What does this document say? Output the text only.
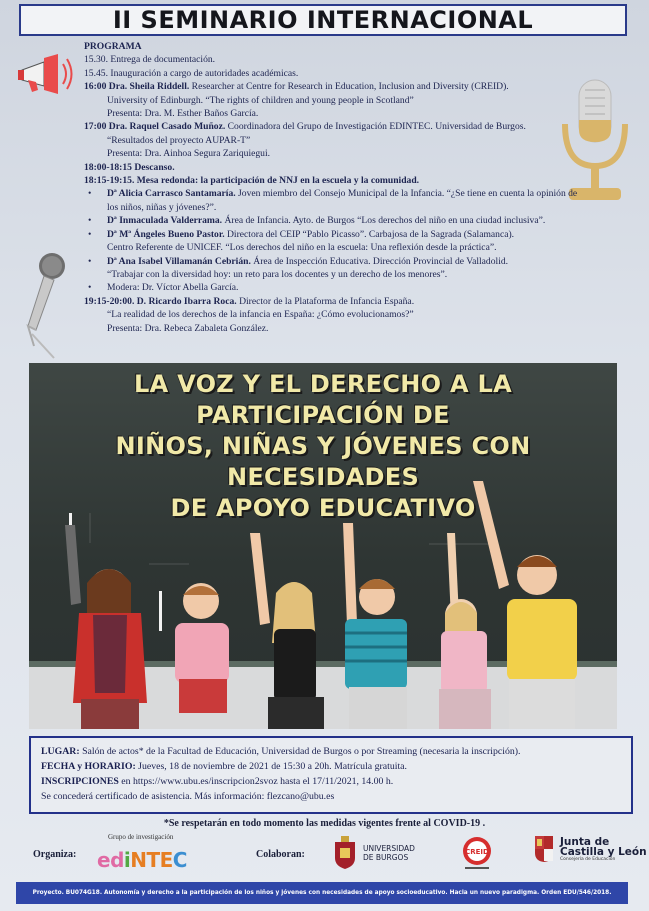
II SEMINARIO INTERNACIONAL
PROGRAMA
15.30. Entrega de documentación.
15.45. Inauguración a cargo de autoridades académicas.
16:00 Dra. Sheila Riddell. Researcher at Centre for Research in Education, Inclusion and Diversity (CREID).
University of Edinburgh. “The rights of children and young people in Scotland”
Presenta: Dra. M. Esther Baños García.
17:00 Dra. Raquel Casado Muñoz. Coordinadora del Grupo de Investigación EDINTEC. Universidad de Burgos.
“Resultados del proyecto AUPAR-T”
Presenta: Dra. Ainhoa Segura Zariquiegui.
18:00-18:15 Descanso.
18:15-19:15. Mesa redonda: la participación de NNJ en la escuela y la comunidad.
• Dª Alicia Carrasco Santamaría. Joven miembro del Consejo Municipal de la Infancia. “¿Se tiene en cuenta la opinión de
los niños, niñas y jóvenes?”.
• Dª Inmaculada Valderrama. Área de Infancia. Ayto. de Burgos “Los derechos del niño en una ciudad inclusiva”.
• Dª Mª Ángeles Bueno Pastor. Directora del CEIP “Pablo Picasso”. Carbajosa de la Sagrada (Salamanca).
Centro Referente de UNICEF. “Los derechos del niño en la escuela: Una reflexión desde la práctica”.
• Dª Ana Isabel Villamanán Cebrián. Área de Inspección Educativa. Dirección Provincial de Valladolid.
“Trabajar con la diversidad hoy: un reto para los docentes y un derecho de los menores”.
• Modera: Dr. Víctor Abella García.
19:15-20:00. D. Ricardo Ibarra Roca. Director de la Plataforma de Infancia España.
“La realidad de los derechos de la infancia en España: ¿Cómo evolucionamos?”
Presenta: Dra. Rebeca Zabaleta González.
LA VOZ Y EL DERECHO A LA PARTICIPACIÓN DE
NIÑOS, NIÑAS Y JÓVENES CON NECESIDADES
DE APOYO EDUCATIVO
LUGAR: Salón de actos* de la Facultad de Educación, Universidad de Burgos o por Streaming (necesaria la inscripción).
FECHA y HORARIO: Jueves, 18 de noviembre de 2021 de 15:30 a 20h. Matrícula gratuita.
INSCRIPCIONES en https://www.ubu.es/inscripcion2svoz hasta el 17/11/2021, 14.00 h.
Se concederá certificado de asistencia. Más información: flezcano@ubu.es
*Se respetarán en todo momento las medidas vigentes frente al COVID-19 .
Organiza:
Grupo de investigación
ediNTEC	Colaboran:
UNIVERSIDAD
DE BURGOS
CREID
Junta de
Castilla y León
Consejería de Educación
Proyecto. BU074G18. Autonomía y derecho a la participación de los niños y jóvenes con necesidades de apoyo socioeducativo. Hacia un nuevo paradigma. Orden EDU/546/2018.
